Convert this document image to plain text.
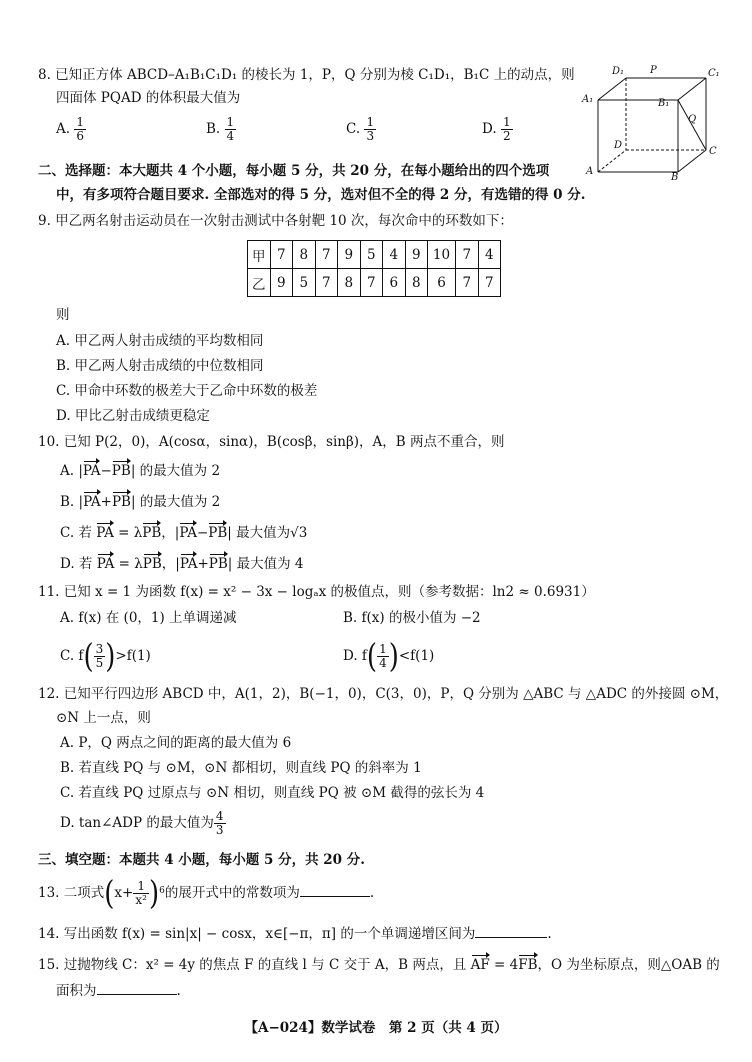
8. 已知正方体 ABCD–A₁B₁C₁D₁ 的棱长为 1，P，Q 分别为棱 C₁D₁，B₁C 上的动点，则
四面体 PQAD 的体积最大值为
A. $\frac{1}{6}$	B. $\frac{1}{4}$	C. $\frac{1}{3}$	D. $\frac{1}{2}$
D₁	P	C₁
A₁	B₁
Q
D
C
A
B
二、选择题：本大题共 4 个小题，每小题 5 分，共 20 分，在每小题给出的四个选项
中，有多项符合题目要求. 全部选对的得 5 分，选对但不全的得 2 分，有选错的得 0 分.
9. 甲乙两名射击运动员在一次射击测试中各射靶 10 次，每次命中的环数如下：
甲	7	8	7	9	5	4	9	10	7	4
乙	9	5	7	8	7	6	8	6	7	7
则
A. 甲乙两人射击成绩的平均数相同
B. 甲乙两人射击成绩的中位数相同
C. 甲命中环数的极差大于乙命中环数的极差
D. 甲比乙射击成绩更稳定
10. 已知 P(2，0)，A(cosα，sinα)，B(cosβ，sinβ)，A，B 两点不重合，则
A. |PA−PB| 的最大值为 2
B. |PA+PB| 的最大值为 2
C. 若 PA = λPB，|PA−PB| 最大值为√3
D. 若 PA = λPB，|PA+PB| 最大值为 4
11. 已知 x = 1 为函数 f(x) = x² − 3x − logₐx 的极值点，则（参考数据：ln2 ≈ 0.6931）
A. f(x) 在 (0，1) 上单调递减	B. f(x) 的极小值为 −2
C. $f( \frac{3}{5} )>f(1)$	D. $f( \frac{1}{4} )<f(1)$
12. 已知平行四边形 ABCD 中，A(1，2)，B(−1，0)，C(3，0)，P，Q 分别为 △ABC 与 △ADC 的外接圆 ⊙M，
⊙N 上一点，则
A. P，Q 两点之间的距离的最大值为 6
B. 若直线 PQ 与 ⊙M，⊙N 都相切，则直线 PQ 的斜率为 1
C. 若直线 PQ 过原点与 ⊙N 相切，则直线 PQ 被 ⊙M 截得的弦长为 4
D. tan∠ADP 的最大值为 $\frac{4}{3}$
三、填空题：本题共 4 小题，每小题 5 分，共 20 分.
13. 二项式$(x+ \frac{1}{\text{x²}} )^6$的展开式中的常数项为	.
14. 写出函数 f(x) = sin|x| − cosx，x∈[−π，π] 的一个单调递增区间为	.
15. 过抛物线 C：x² = 4y 的焦点 F 的直线 l 与 C 交于 A，B 两点，且 AF = 4FB，O 为坐标原点，则△OAB 的
面积为	.
【A−024】数学试卷　第 2 页（共 4 页）
